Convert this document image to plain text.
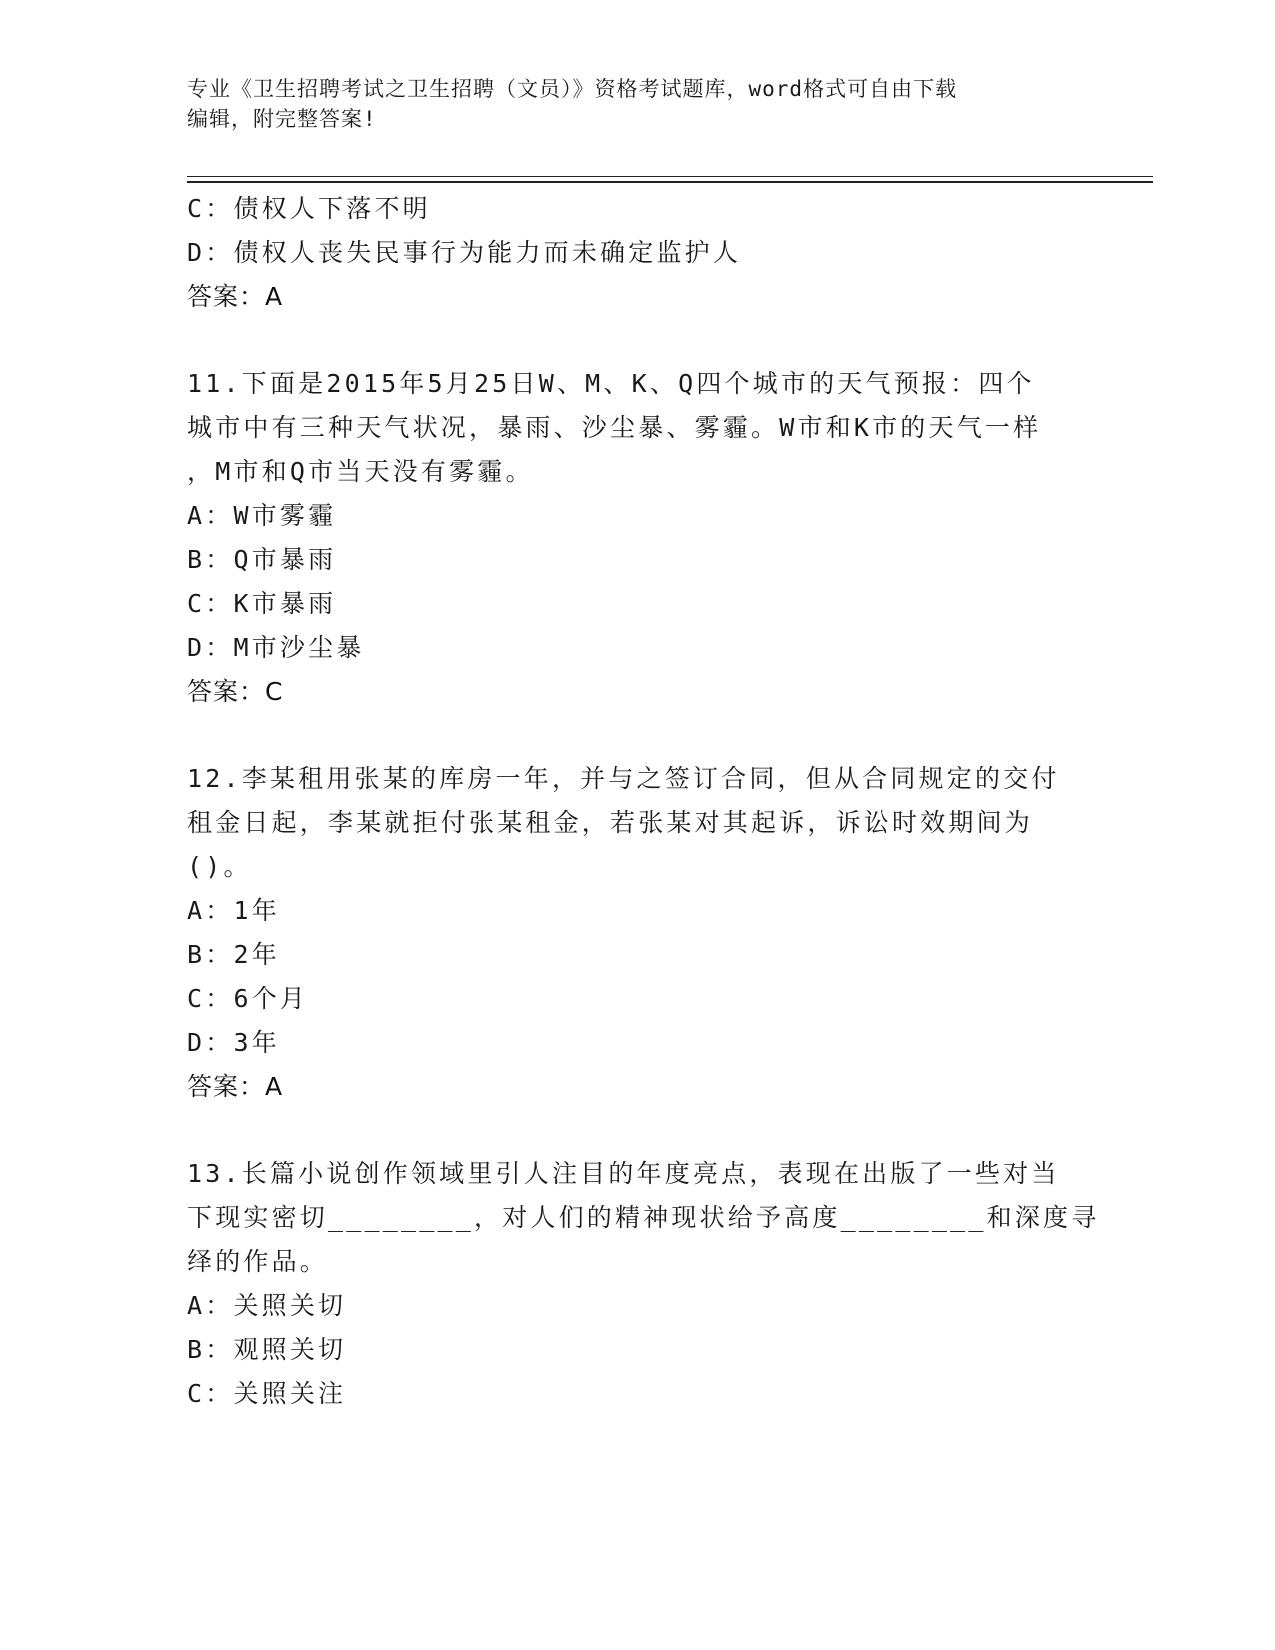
专业《卫生招聘考试之卫生招聘（文员）》资格考试题库，word格式可自由下载
编辑，附完整答案!
C：债权人下落不明
D：债权人丧失民事行为能力而未确定监护人
答案：A
11.下面是2015年5月25日W、M、K、Q四个城市的天气预报：四个
城市中有三种天气状况，暴雨、沙尘暴、雾霾。W市和K市的天气一样
，M市和Q市当天没有雾霾。
A：W市雾霾
B：Q市暴雨
C：K市暴雨
D：M市沙尘暴
答案：C
12.李某租用张某的库房一年，并与之签订合同，但从合同规定的交付
租金日起，李某就拒付张某租金，若张某对其起诉，诉讼时效期间为
()。
A：1年
B：2年
C：6个月
D：3年
答案：A
13.长篇小说创作领域里引人注目的年度亮点，表现在出版了一些对当
下现实密切________，对人们的精神现状给予高度________和深度寻
绎的作品。
A：关照关切
B：观照关切
C：关照关注
